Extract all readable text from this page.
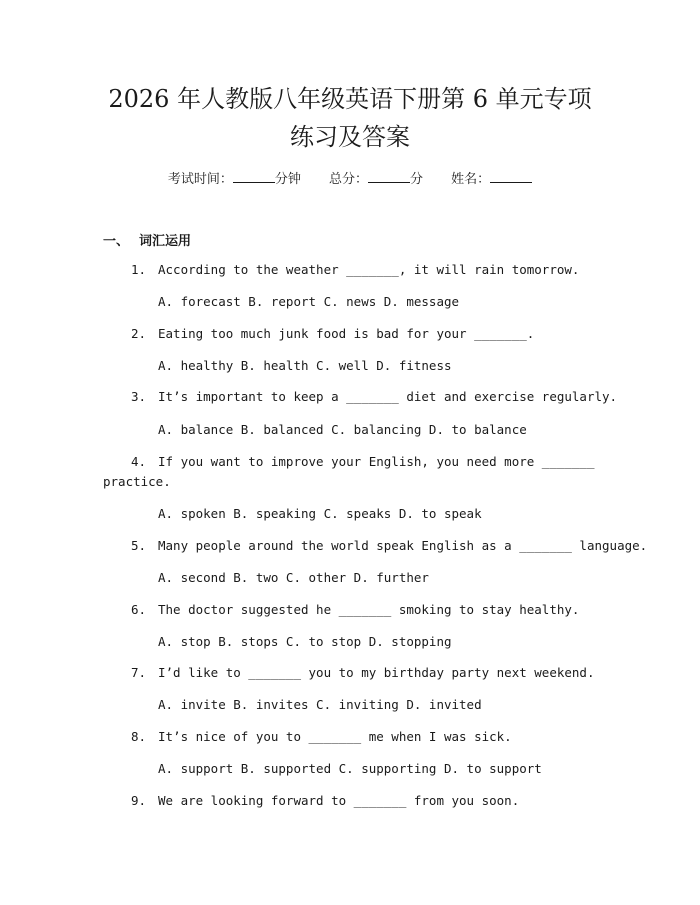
2026 年人教版八年级英语下册第 6 单元专项
练习及答案
考试时间：	分钟 总分：	分 姓名：
一、 词汇运用
1. According to the weather _______, it will rain tomorrow.
A. forecast B. report C. news D. message
2. Eating too much junk food is bad for your _______.
A. healthy B. health C. well D. fitness
3. It’s important to keep a _______ diet and exercise regularly.
A. balance B. balanced C. balancing D. to balance
4. If you want to improve your English, you need more _______
practice.
A. spoken B. speaking C. speaks D. to speak
5. Many people around the world speak English as a _______ language.
A. second B. two C. other D. further
6. The doctor suggested he _______ smoking to stay healthy.
A. stop B. stops C. to stop D. stopping
7. I’d like to _______ you to my birthday party next weekend.
A. invite B. invites C. inviting D. invited
8. It’s nice of you to _______ me when I was sick.
A. support B. supported C. supporting D. to support
9. We are looking forward to _______ from you soon.
